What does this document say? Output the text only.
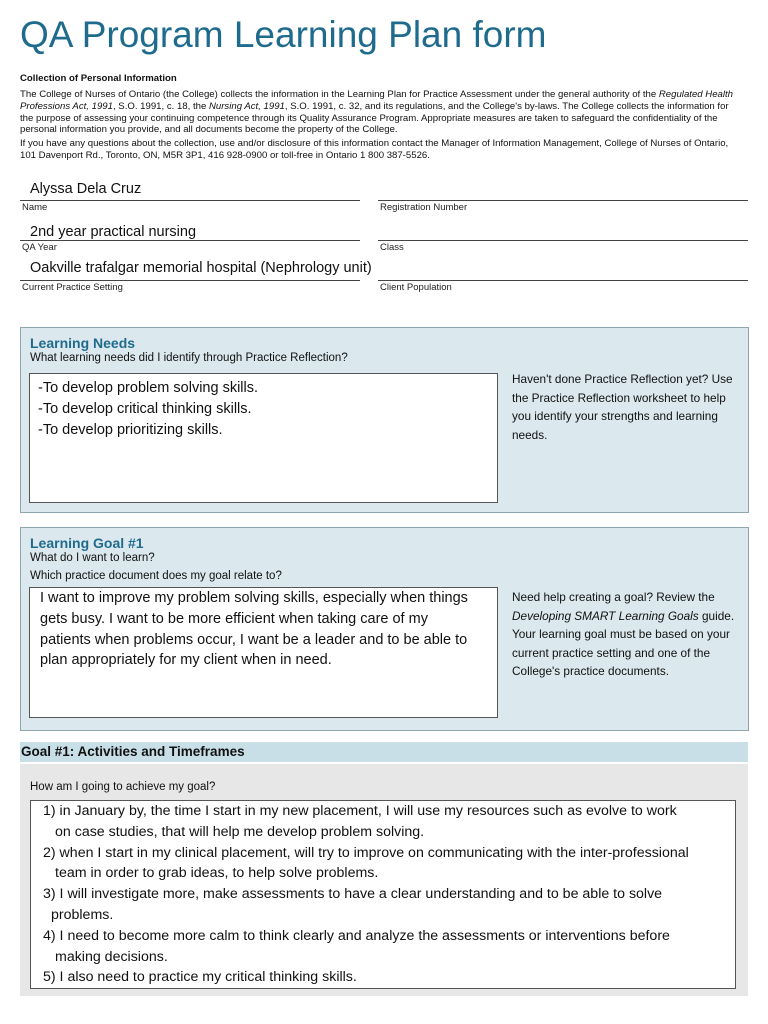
QA Program Learning Plan form
Collection of Personal Information
The College of Nurses of Ontario (the College) collects the information in the Learning Plan for Practice Assessment under the general authority of the Regulated Health Professions Act, 1991, S.O. 1991, c. 18, the Nursing Act, 1991, S.O. 1991, c. 32, and its regulations, and the College's by-laws. The College collects the information for the purpose of assessing your continuing competence through its Quality Assurance Program. Appropriate measures are taken to safeguard the confidentiality of the personal information you provide, and all documents become the property of the College.
If you have any questions about the collection, use and/or disclosure of this information contact the Manager of Information Management, College of Nurses of Ontario, 101 Davenport Rd., Toronto, ON, M5R 3P1, 416 928-0900 or toll-free in Ontario 1 800 387-5526.
Alyssa Dela Cruz
Name	Registration Number
2nd year practical nursing
QA Year	Class
Oakville trafalgar memorial hospital (Nephrology unit)
Current Practice Setting	Client Population
Learning Needs
What learning needs did I identify through Practice Reflection?
-To develop problem solving skills.
-To develop critical thinking skills.
-To develop prioritizing skills.
Haven't done Practice Reflection yet? Use the Practice Reflection worksheet to help you identify your strengths and learning needs.
Learning Goal #1
What do I want to learn?
Which practice document does my goal relate to?
I want to improve my problem solving skills, especially when things
gets busy. I want to be more efficient when taking care of my
patients when problems occur, I want be a leader and to be able to
plan appropriately for my client when in need.

Need help creating a goal? Review the Developing SMART Learning Goals guide.

Your learning goal must be based on your current practice setting and one of the College's practice documents.

Goal #1: Activities and Timeframes
How am I going to achieve my goal?
1) in January by, the time I start in my new placement, I will use my resources such as evolve to work
on case studies, that will help me develop problem solving.
2) when I start in my clinical placement, will try to improve on communicating with the inter-professional
team in order to grab ideas, to help solve problems.
3) I will investigate more, make assessments to have a clear understanding and to be able to solve
problems.
4) I need to become more calm to think clearly and analyze the assessments or interventions before
making decisions.
5) I also need to practice my critical thinking skills.
